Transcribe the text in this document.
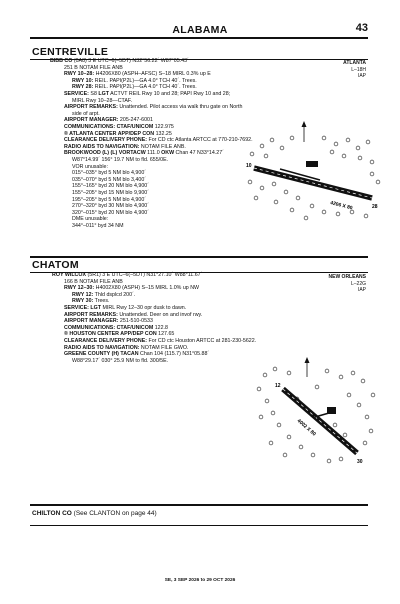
ALABAMA	43
CENTREVILLE
ATLANTA
L–18H
IAP
BIBB CO (0A8) 3 E UTC–6(–5DT) N32°56.22´ W87°05.43´
251 B NOTAM FILE ANB
RWY 10–28: H4206X80 (ASPH–AFSC) S–18 MIRL 0.3% up E
RWY 10: REIL. PAPI(P2L)—GA 4.0° TCH 40´. Trees.
RWY 28: REIL. PAPI(P2L)—GA 4.0° TCH 40´. Trees.
SERVICE: S8 LGT ACTVT REIL Rwy 10 and 28; PAPI Rwy 10 and 28;
MIRL Rwy 10–28—CTAF.
AIRPORT REMARKS: Unattended. Pilot access via walk thru gate on North
side of arpt.
AIRPORT MANAGER: 205-247-6001
COMMUNICATIONS: CTAF/UNICOM 122.975
® ATLANTA CENTER APP/DEP CON 132.25
CLEARANCE DELIVERY PHONE: For CD ctc Atlanta ARTCC at 770-210-7692.
RADIO AIDS TO NAVIGATION: NOTAM FILE ANB.
BROOKWOOD (L) (L) VORTACW 111.0 OKW Chan 47 N33°14.27´
W87°14.99´ 156° 19.7 NM to fld. 655/0E.
VOR unusable:
015°–035° byd 5 NM blo 4,900´
035°–070° byd 5 NM blo 3,400´
155°–165° byd 20 NM blo 4,900´
155°–205° byd 15 NM blo 9,900´
195°–205° byd 5 NM blo 4,900´
270°–320° byd 30 NM blo 4,900´
320°–015° byd 20 NM blo 4,900´
DME unusable:
344°–011° byd 34 NM
10
28
4206 X 80
CHATOM
NEW ORLEANS
L–22G
IAP
ROY WILCOX (5R1) 3 E UTC–6(–5DT) N31°27.10´ W88°11.67´
166 B NOTAM FILE ANB
RWY 12–30: H4002X80 (ASPH) S–15 MIRL 1.0% up NW
RWY 12: Thld dsplcd 200´.
RWY 30: Trees.
SERVICE: LGT MIRL Rwy 12–30 opr dusk to dawn.
AIRPORT REMARKS: Unattended. Deer on and invof rwy.
AIRPORT MANAGER: 251-510-0533
COMMUNICATIONS: CTAF/UNICOM 122.8
® HOUSTON CENTER APP/DEP CON 127.65
CLEARANCE DELIVERY PHONE: For CD ctc Houston ARTCC at 281-230-5622.
RADIO AIDS TO NAVIGATION: NOTAM FILE GWO.
GREENE COUNTY (H) TACAN Chan 104 (115.7) N31°05.88´
W88°29.17´ 030° 25.9 NM to fld. 300/5E.
12
30
4002 X 80
CHILTON CO (See CLANTON on page 44)
SE, 3 SEP 2026 to 29 OCT 2026
